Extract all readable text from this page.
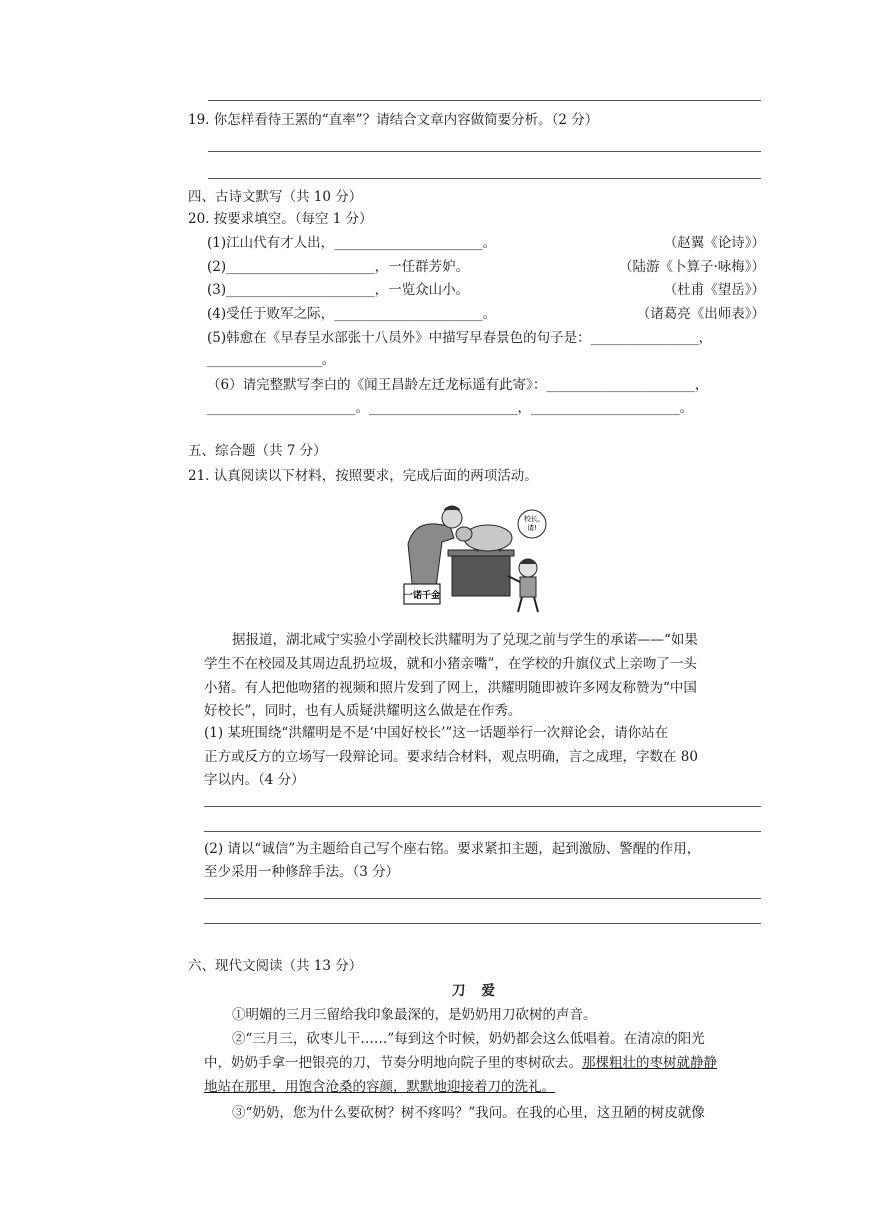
19. 你怎样看待王罴的“直率”？请结合文章内容做简要分析。（2 分）
四、古诗文默写（共 10 分）
20. 按要求填空。（每空 1 分）
(1)江山代有才人出，______________________。	（赵翼《论诗》）
(2)______________________，一任群芳妒。	（陆游《卜算子·咏梅》）
(3)______________________，一览众山小。	（杜甫《望岳》）
(4)受任于败军之际，______________________。	（诸葛亮《出师表》）
(5)韩愈在《早春呈水部张十八员外》中描写早春景色的句子是：________________，
_________________。
（6）请完整默写李白的《闻王昌龄左迁龙标遥有此寄》：______________________，
______________________。______________________，______________________。
五、综合题（共 7 分）
21. 认真阅读以下材料，按照要求，完成后面的两项活动。
校长,
请!
一诺千金
据报道，湖北咸宁实验小学副校长洪耀明为了兑现之前与学生的承诺——“如果
学生不在校园及其周边乱扔垃圾，就和小猪亲嘴”，在学校的升旗仪式上亲吻了一头
小猪。有人把他吻猪的视频和照片发到了网上，洪耀明随即被许多网友称赞为“中国
好校长”，同时，也有人质疑洪耀明这么做是在作秀。
(1) 某班围绕“洪耀明是不是‘中国好校长’”这一话题举行一次辩论会，请你站在
正方或反方的立场写一段辩论词。要求结合材料，观点明确，言之成理，字数在 80
字以内。（4 分）
(2) 请以“诚信”为主题给自己写个座右铭。要求紧扣主题，起到激励、警醒的作用，
至少采用一种修辞手法。（3 分）
六、现代文阅读（共 13 分）
刀爱
①明媚的三月三留给我印象最深的，是奶奶用刀砍树的声音。
②“三月三，砍枣儿干……”每到这个时候，奶奶都会这么低唱着。在清凉的阳光
中，奶奶手拿一把银亮的刀，节奏分明地向院子里的枣树砍去。那棵粗壮的枣树就静静
地站在那里，用饱含沧桑的容颜，默默地迎接着刀的洗礼。
③“奶奶，您为什么要砍树？树不疼吗？”我问。在我的心里，这丑陋的树皮就像
